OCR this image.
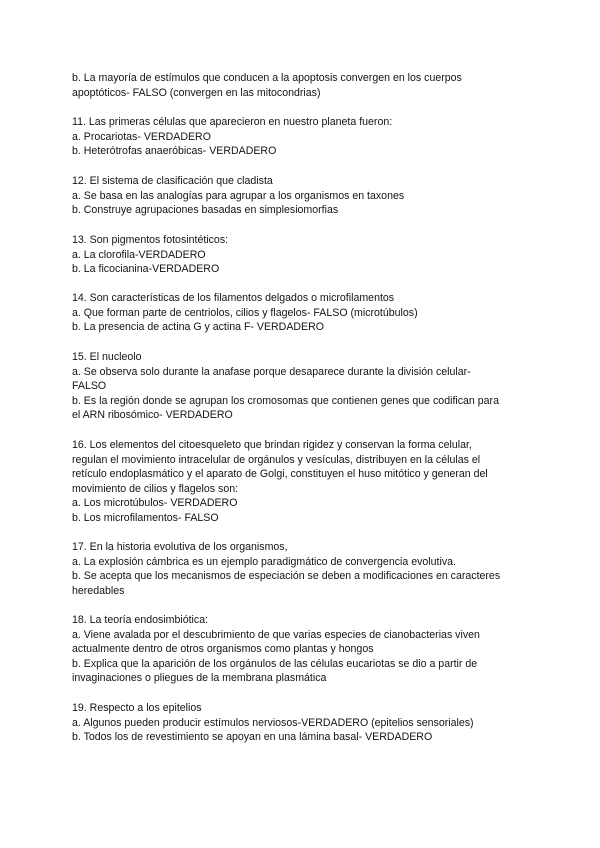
b. La mayoría de estímulos que conducen a la apoptosis convergen en los cuerpos
apoptóticos- FALSO (convergen en las mitocondrias)
11. Las primeras células que aparecieron en nuestro planeta fueron:
a. Procariotas- VERDADERO
b. Heterótrofas anaeróbicas- VERDADERO
12. El sistema de clasificación que cladista
a. Se basa en las analogías para agrupar a los organismos en taxones
b. Construye agrupaciones basadas en simplesiomorfias
13. Son pigmentos fotosintéticos:
a. La clorofila-VERDADERO
b. La ficocianina-VERDADERO
14. Son características de los filamentos delgados o microfilamentos
a. Que forman parte de centriolos, cilios y flagelos- FALSO (microtúbulos)
b. La presencia de actina G y actina F- VERDADERO
15. El nucleolo
a. Se observa solo durante la anafase porque desaparece durante la división celular-
FALSO
b. Es la región donde se agrupan los cromosomas que contienen genes que codifican para
el ARN ribosómico- VERDADERO
16. Los elementos del citoesqueleto que brindan rigidez y conservan la forma celular,
regulan el movimiento intracelular de orgánulos y vesículas, distribuyen en la células el
retículo endoplasmático y el aparato de Golgi, constituyen el huso mitótico y generan del
movimiento de cilios y flagelos son:
a. Los microtúbulos- VERDADERO
b. Los microfilamentos- FALSO
17. En la historia evolutiva de los organismos,
a. La explosión cámbrica es un ejemplo paradigmático de convergencia evolutiva.
b. Se acepta que los mecanismos de especiación se deben a modificaciones en caracteres
heredables
18. La teoría endosimbiótica:
a. Viene avalada por el descubrimiento de que varias especies de cianobacterias viven
actualmente dentro de otros organismos como plantas y hongos
b. Explica que la aparición de los orgánulos de las células eucariotas se dio a partir de
invaginaciones o pliegues de la membrana plasmática
19. Respecto a los epitelios
a. Algunos pueden producir estímulos nerviosos-VERDADERO (epitelios sensoriales)
b. Todos los de revestimiento se apoyan en una lámina basal- VERDADERO
